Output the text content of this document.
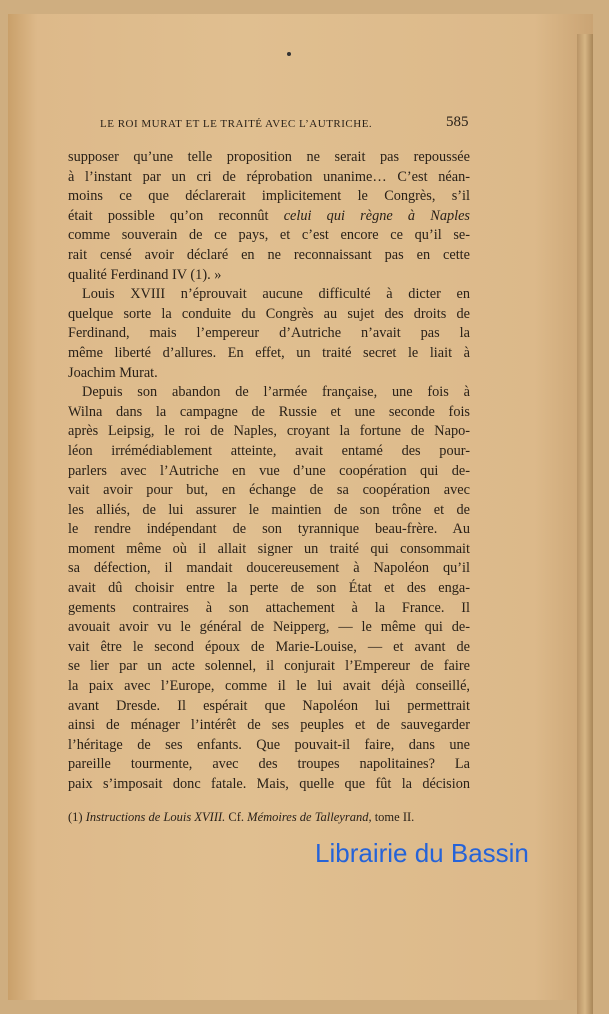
LE ROI MURAT ET LE TRAITÉ AVEC L’AUTRICHE.	585
supposer qu’une telle proposition ne serait pas repoussée
à l’instant par un cri de réprobation unanime… C’est néan-
moins ce que déclarerait implicitement le Congrès, s’il
était possible qu’on reconnût celui qui règne à Naples
comme souverain de ce pays, et c’est encore ce qu’il se-
rait censé avoir déclaré en ne reconnaissant pas en cette
qualité Ferdinand IV (1). »
Louis XVIII n’éprouvait aucune difficulté à dicter en
quelque sorte la conduite du Congrès au sujet des droits de
Ferdinand, mais l’empereur d’Autriche n’avait pas la
même liberté d’allures. En effet, un traité secret le liait à
Joachim Murat.
Depuis son abandon de l’armée française, une fois à
Wilna dans la campagne de Russie et une seconde fois
après Leipsig, le roi de Naples, croyant la fortune de Napo-
léon irrémédiablement atteinte, avait entamé des pour-
parlers avec l’Autriche en vue d’une coopération qui de-
vait avoir pour but, en échange de sa coopération avec
les alliés, de lui assurer le maintien de son trône et de
le rendre indépendant de son tyrannique beau-frère. Au
moment même où il allait signer un traité qui consommait
sa défection, il mandait doucereusement à Napoléon qu’il
avait dû choisir entre la perte de son État et des enga-
gements contraires à son attachement à la France. Il
avouait avoir vu le général de Neipperg, — le même qui de-
vait être le second époux de Marie-Louise, — et avant de
se lier par un acte solennel, il conjurait l’Empereur de faire
la paix avec l’Europe, comme il le lui avait déjà conseillé,
avant Dresde. Il espérait que Napoléon lui permettrait
ainsi de ménager l’intérêt de ses peuples et de sauvegarder
l’héritage de ses enfants. Que pouvait-il faire, dans une
pareille tourmente, avec des troupes napolitaines? La
paix s’imposait donc fatale. Mais, quelle que fût la décision
(1) Instructions de Louis XVIII. Cf. Mémoires de Talleyrand, tome II.
Librairie du Bassin
